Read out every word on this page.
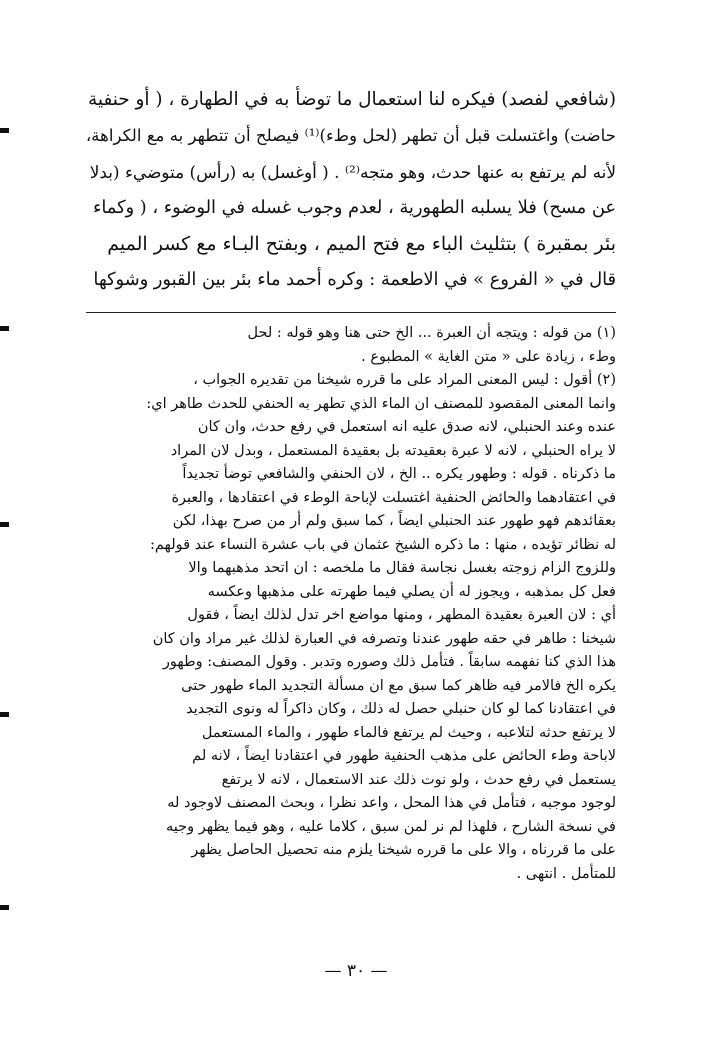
(شافعي لفصد) فيكره لنا استعمال ما توضأ به في الطهارة ، ( أو حنفية
حاضت) واغتسلت قبل أن تطهر (لحل وطء)⁽¹⁾ فيصلح أن تتطهر به مع الكراهة،
لأنه لم يرتفع به عنها حدث، وهو متجه⁽²⁾ . ( أوغسل) به (رأس) متوضيء (بدلا
عن مسح) فلا يسلبه الطهورية ، لعدم وجوب غسله في الوضوء ، ( وكماء
بئر بمقبرة ) بتثليث الباء مع فتح الميم ، وبفتح البـاء مع كسر الميم
قال في « الفروع » في الاطعمة : وكره أحمد ماء بئر بين القبور وشوكها
(١) من قوله : ويتجه أن العبرة ... الخ حتى هنا وهو قوله : لحل
وطء ، زيادة على « متن الغاية » المطبوع .
(٢) أقول : ليس المعنى المراد على ما قرره شيخنا من تقديره الجواب ،
وانما المعنى المقصود للمصنف ان الماء الذي تطهر به الحنفي للحدث طاهر اي:
عنده وعند الحنبلي، لانه صدق عليه انه استعمل في رفع حدث، وان كان
لا يراه الحنبلي ، لانه لا عبرة بعقيدته بل بعقيدة المستعمل ، وبدل لان المراد
ما ذكرناه . قوله : وطهور يكره .. الخ ، لان الحنفي والشافعي توضأ تجديداً
في اعتقادهما والحائض الحنفية اغتسلت لإباحة الوطء في اعتقادها ، والعبرة
بعقائدهم فهو طهور عند الحنبلي ايضاً ، كما سبق ولم أر من صرح بهذا، لكن
له نظائر تؤيده ، منها : ما ذكره الشيخ عثمان في باب عشرة النساء عند قولهم:
وللزوج الزام زوجته بغسل نجاسة فقال ما ملخصه : ان اتحد مذهبهما والا
فعل كل بمذهبه ، ويجوز له أن يصلي فيما طهرته على مذهبها وعكسه
أي : لان العبرة بعقيدة المطهر ، ومنها مواضع اخر تدل لذلك ايضاً ، فقول
شيخنا : طاهر في حقه طهور عندنا وتصرفه في العبارة لذلك غير مراد وان كان
هذا الذي كنا نفهمه سابقاً . فتأمل ذلك وصوره وتدبر . وقول المصنف: وطهور
يكره الخ فالامر فيه ظاهر كما سبق مع ان مسألة التجديد الماء طهور حتى
في اعتقادنا كما لو كان حنبلي حصل له ذلك ، وكان ذاكراً له ونوى التجديد
لا يرتفع حدثه لتلاعبه ، وحيث لم يرتفع فالماء طهور ، والماء المستعمل
لاباحة وطء الحائض على مذهب الحنفية طهور في اعتقادنا ايضاً ، لانه لم
يستعمل في رفع حدث ، ولو نوت ذلك عند الاستعمال ، لانه لا يرتفع
لوجود موجبه ، فتأمل في هذا المحل ، واعد نظرا ، وبحث المصنف لاوجود له
في نسخة الشارح ، فلهذا لم نر لمن سبق ، كلاما عليه ، وهو فيما يظهر وجيه
على ما قررناه ، والا على ما قرره شيخنا يلزم منه تحصيل الحاصل يظهر
للمتأمل . انتهى .
— ٣٠ —
